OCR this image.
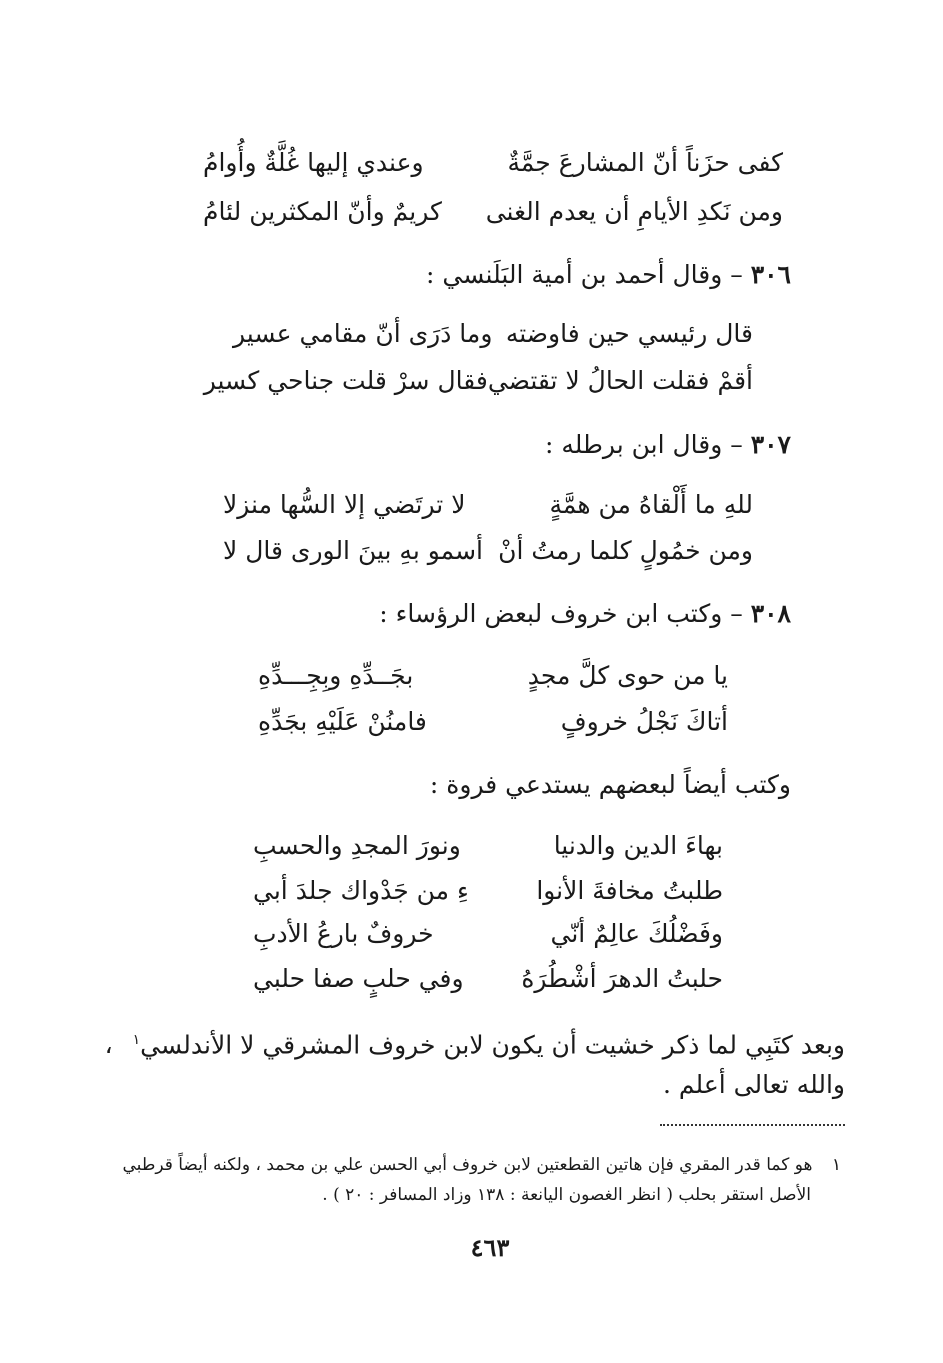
كفى حزَناً أنّ المشارعَ جمَّةٌ
وعندي إليها غُلَّةٌ وأُوامُ
ومن نَكدِ الأيامِ أن يعدم الغنى
كريمٌ وأنّ المكثرين لئامُ
٣٠٦ – وقال أحمد بن أمية البَلَنسي :
قال رئيسي حين فاوضته
وما دَرَى أنّ مقامي عسير
أقمْ فقلت الحالُ لا تقتضي
فقال سرْ قلت جناحي كسير
٣٠٧ – وقال ابن برطله :
للهِ ما أَلْقاهُ من همَّةٍ
لا ترتَضي إلا السُّها منزلا
ومن خمُولٍ كلما رمتُ أنْ
أسمو بهِ بينَ الورى قال لا
٣٠٨ – وكتب ابن خروف لبعض الرؤساء :
يا من حوى كلَّ مجدٍ
بجَــدِّهِ وبِجِـــدِّهِ
أتاكَ نَجْلُ خروفٍ
فامنُنْ عَلَيْهِ بجَدِّهِ
وكتب أيضاً لبعضهم يستدعي فروة :
بهاءَ الدين والدنيا
ونورَ المجدِ والحسبِ
طلبتُ مخافةَ الأنوا
ءِ من جَدْواك جلدَ أبي
وفَضْلُكَ عالِمٌ أنّي
خروفٌ بارعُ الأدبِ
حلبتُ الدهرَ أشْطُرَهُ
وفي حلبٍ صفا حلبي
وبعد كتَبِي لما ذكر خشيت أن يكون لابن خروف المشرقي لا الأندلسي$^١$ ،
والله تعالى أعلم .
١ هو كما قدر المقري فإن هاتين القطعتين لابن خروف أبي الحسن علي بن محمد ، ولكنه أيضاً قرطبي
الأصل استقر بحلب ( انظر الغصون اليانعة : ١٣٨ وزاد المسافر : ٢٠ ) .
٤٦٣
